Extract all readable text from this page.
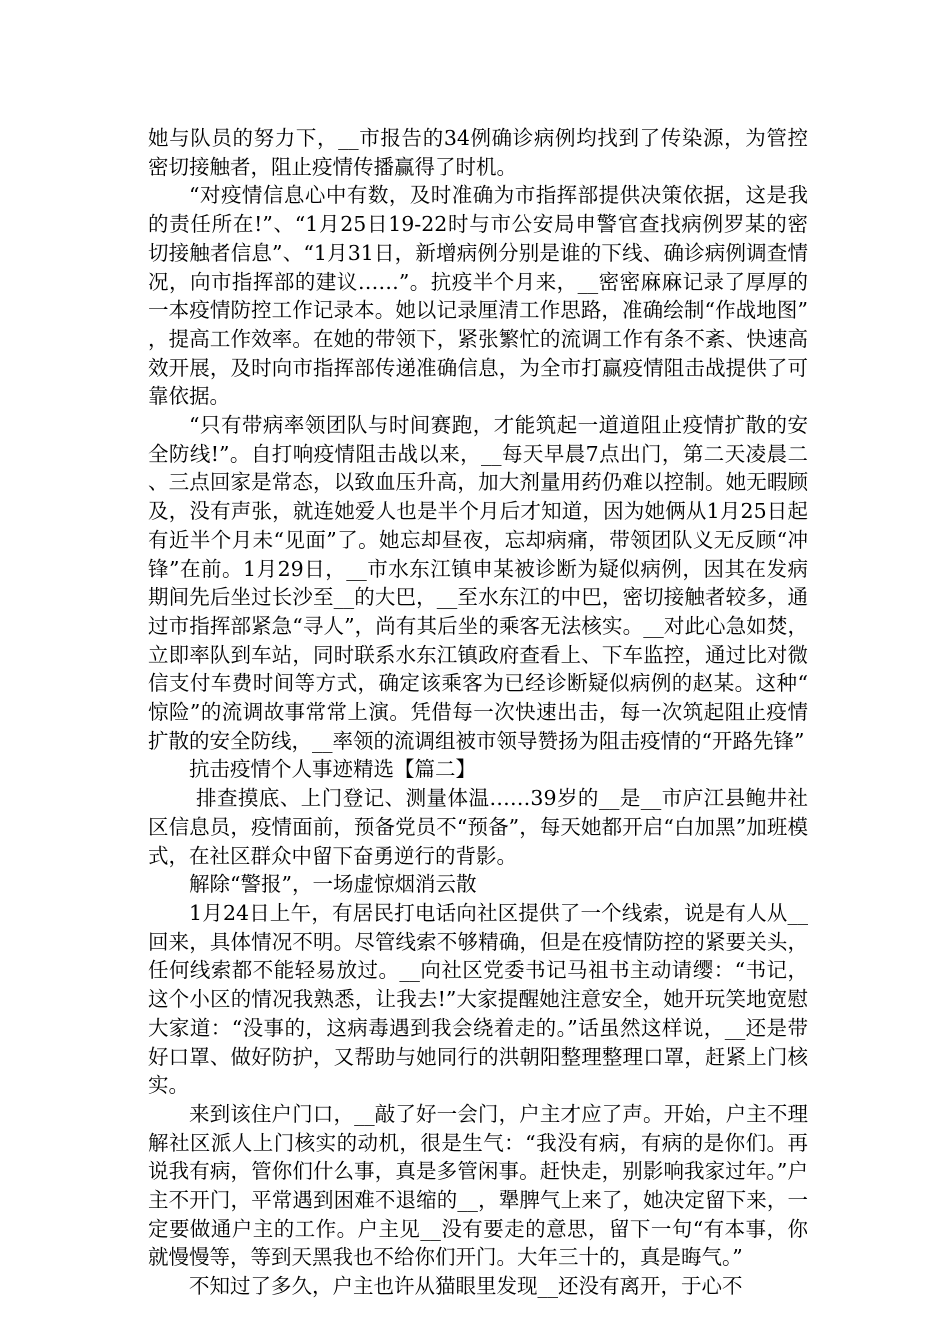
她与队员的努力下，__市报告的34例确诊病例均找到了传染源，为管控密切接触者，阻止疫情传播赢得了时机。

“对疫情信息心中有数，及时准确为市指挥部提供决策依据，这是我的责任所在!”、“1月25日19-22时与市公安局申警官查找病例罗某的密切接触者信息”、“1月31日，新增病例分别是谁的下线、确诊病例调查情况，向市指挥部的建议……”。抗疫半个月来，__密密麻麻记录了厚厚的一本疫情防控工作记录本。她以记录厘清工作思路，准确绘制“作战地图”，提高工作效率。在她的带领下，紧张繁忙的流调工作有条不紊、快速高效开展，及时向市指挥部传递准确信息，为全市打赢疫情阻击战提供了可靠依据。

“只有带病率领团队与时间赛跑，才能筑起一道道阻止疫情扩散的安全防线!”。自打响疫情阻击战以来，__每天早晨7点出门，第二天凌晨二、三点回家是常态，以致血压升高，加大剂量用药仍难以控制。她无暇顾及，没有声张，就连她爱人也是半个月后才知道，因为她俩从1月25日起有近半个月未“见面”了。她忘却昼夜，忘却病痛，带领团队义无反顾“冲锋”在前。1月29日，__市水东江镇申某被诊断为疑似病例，因其在发病期间先后坐过长沙至__的大巴，__至水东江的中巴，密切接触者较多，通过市指挥部紧急“寻人”，尚有其后坐的乘客无法核实。__对此心急如焚，立即率队到车站，同时联系水东江镇政府查看上、下车监控，通过比对微信支付车费时间等方式，确定该乘客为已经诊断疑似病例的赵某。这种“惊险”的流调故事常常上演。凭借每一次快速出击，每一次筑起阻止疫情扩散的安全防线，__率领的流调组被市领导赞扬为阻击疫情的“开路先锋”

抗击疫情个人事迹精选【篇二】

排查摸底、上门登记、测量体温……39岁的__是__市庐江县鲍井社区信息员，疫情面前，预备党员不“预备”，每天她都开启“白加黑”加班模式，在社区群众中留下奋勇逆行的背影。

解除“警报”，一场虚惊烟消云散

1月24日上午，有居民打电话向社区提供了一个线索，说是有人从__回来，具体情况不明。尽管线索不够精确，但是在疫情防控的紧要关头，任何线索都不能轻易放过。__向社区党委书记马祖书主动请缨：“书记，这个小区的情况我熟悉，让我去!”大家提醒她注意安全，她开玩笑地宽慰大家道：“没事的，这病毒遇到我会绕着走的。”话虽然这样说，__还是带好口罩、做好防护，又帮助与她同行的洪朝阳整理整理口罩，赶紧上门核实。

来到该住户门口，__敲了好一会门，户主才应了声。开始，户主不理解社区派人上门核实的动机，很是生气：“我没有病，有病的是你们。再说我有病，管你们什么事，真是多管闲事。赶快走，别影响我家过年。”户主不开门，平常遇到困难不退缩的__，犟脾气上来了，她决定留下来，一定要做通户主的工作。户主见__没有要走的意思，留下一句“有本事，你就慢慢等，等到天黑我也不给你们开门。大年三十的，真是晦气。”

不知过了多久，户主也许从猫眼里发现__还没有离开，于心不
